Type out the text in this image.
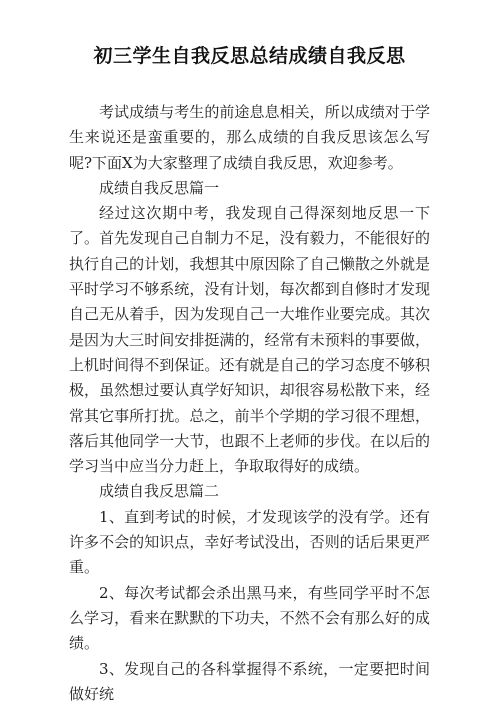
初三学生自我反思总结成绩自我反思

考试成绩与考生的前途息息相关，所以成绩对于学生来说还是蛮重要的，那么成绩的自我反思该怎么写呢?下面X为大家整理了成绩自我反思，欢迎参考。

成绩自我反思篇一

经过这次期中考，我发现自己得深刻地反思一下了。首先发现自己自制力不足，没有毅力，不能很好的执行自己的计划，我想其中原因除了自己懒散之外就是平时学习不够系统，没有计划，每次都到自修时才发现自己无从着手，因为发现自己一大堆作业要完成。其次是因为大三时间安排挺满的，经常有未预料的事要做，上机时间得不到保证。还有就是自己的学习态度不够积极，虽然想过要认真学好知识，却很容易松散下来，经常其它事所打扰。总之，前半个学期的学习很不理想，落后其他同学一大节，也跟不上老师的步伐。在以后的学习当中应当分力赶上，争取取得好的成绩。

成绩自我反思篇二

1、直到考试的时候，才发现该学的没有学。还有许多不会的知识点，幸好考试没出，否则的话后果更严重。

2、每次考试都会杀出黑马来，有些同学平时不怎么学习，看来在默默的下功夫，不然不会有那么好的成绩。

3、发现自己的各科掌握得不系统，一定要把时间做好统
